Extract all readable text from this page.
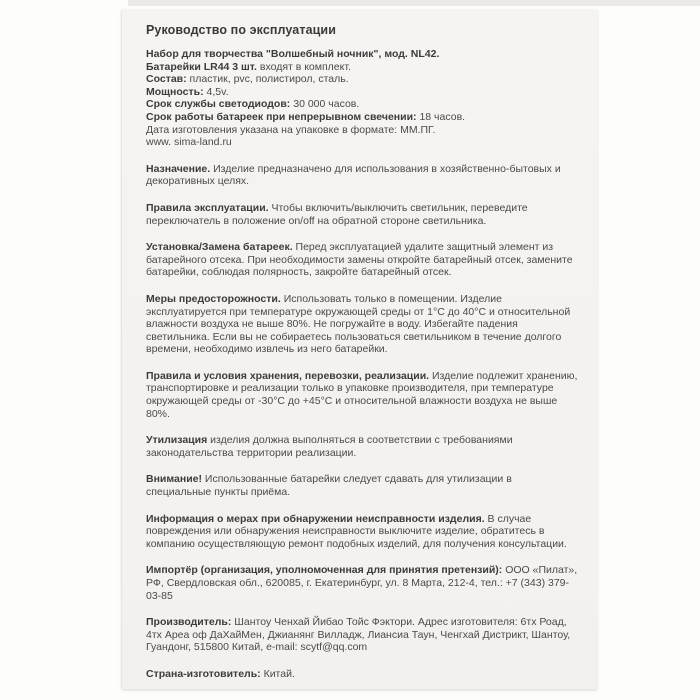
Руководство по эксплуатации

Набор для творчества "Волшебный ночник", мод. NL42.

Батарейки LR44 3 шт. входят в комплект.

Состав: пластик, pvc, полистирол, сталь.

Мощность: 4,5v.

Срок службы светодиодов: 30 000 часов.

Срок работы батареек при непрерывном свечении: 18 часов.

Дата изготовления указана на упаковке в формате: ММ.ПГ.

www. sima-land.ru

Назначение. Изделие предназначено для использования в хозяйственно-бытовых и декоративных целях.

Правила эксплуатации. Чтобы включить/выключить светильник, переведите переключатель в положение on/off на обратной стороне светильника.

Установка/Замена батареек. Перед эксплуатацией удалите защитный элемент из батарейного отсека. При необходимости замены откройте батарейный отсек, замените батарейки, соблюдая полярность, закройте батарейный отсек.

Меры предосторожности. Использовать только в помещении. Изделие эксплуатируется при температуре окружающей среды от 1°С до 40°С и относительной влажности воздуха не выше 80%. Не погружайте в воду. Избегайте падения светильника. Если вы не собираетесь пользоваться светильником в течение долгого времени, необходимо извлечь из него батарейки.

Правила и условия хранения, перевозки, реализации. Изделие подлежит хранению, транспортировке и реализации только в упаковке производителя, при температуре окружающей среды от -30°С до +45°С и относительной влажности воздуха не выше 80%.

Утилизация изделия должна выполняться в соответствии с требованиями законодательства территории реализации.

Внимание! Использованные батарейки следует сдавать для утилизации в специальные пункты приёма.

Информация о мерах при обнаружении неисправности изделия. В случае повреждения или обнаружения неисправности выключите изделие, обратитесь в компанию осуществляющую ремонт подобных изделий, для получения консультации.

Импортёр (организация, уполномоченная для принятия претензий): ООО «Пилат», РФ, Свердловская обл., 620085, г. Екатеринбург, ул. 8 Марта, 212-4, тел.: +7 (343) 379-03-85

Производитель: Шантоу Ченхай Йибао Тойс Фэктори. Адрес изготовителя: 6тх Роад, 4тх Ареа оф ДаХайМен, Джианянг Вилладж, Лиансиа Таун, Ченгхай Дистрикт, Шантоу, Гуандонг, 515800 Китай, e-mail: scytf@qq.com

Страна-изготовитель: Китай.
